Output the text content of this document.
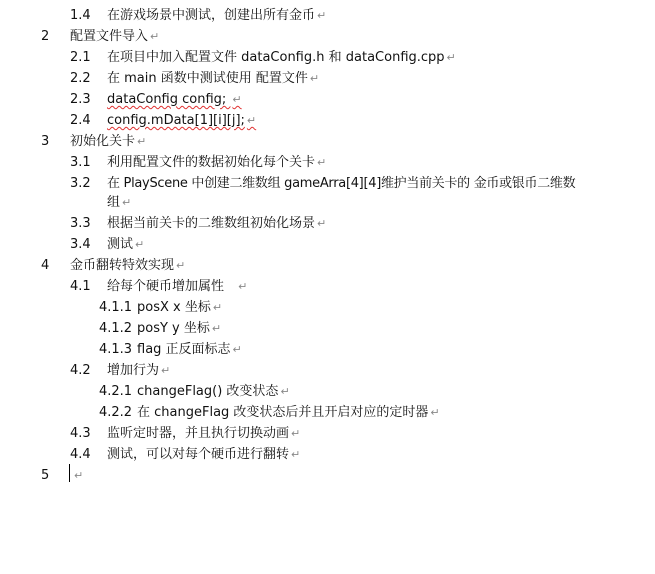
1.4 在游戏场景中测试，创建出所有金币 ↵
2 配置文件导入 ↵
2.1 在项目中加入配置文件 dataConfig.h 和 dataConfig.cpp ↵
2.2 在 main 函数中测试使用 配置文件 ↵
2.3 dataConfig config; ↵
2.4 config.mData[1][i][j]; ↵
3 初始化关卡 ↵
3.1 利用配置文件的数据初始化每个关卡 ↵
3.2 在 PlayScene 中创建二维数组 gameArra[4][4]维护当前关卡的 金币或银币二维数
组 ↵
3.3 根据当前关卡的二维数组初始化场景 ↵
3.4 测试 ↵
4 金币翻转特效实现 ↵
4.1 给每个硬币增加属性 ↵
4.1.1 posX x 坐标 ↵
4.1.2 posY y 坐标 ↵
4.1.3 flag 正反面标志 ↵
4.2 增加行为 ↵
4.2.1 changeFlag() 改变状态 ↵
4.2.2 在 changeFlag 改变状态后并且开启对应的定时器 ↵
4.3 监听定时器，并且执行切换动画 ↵
4.4 测试，可以对每个硬币进行翻转 ↵
5 ↵
